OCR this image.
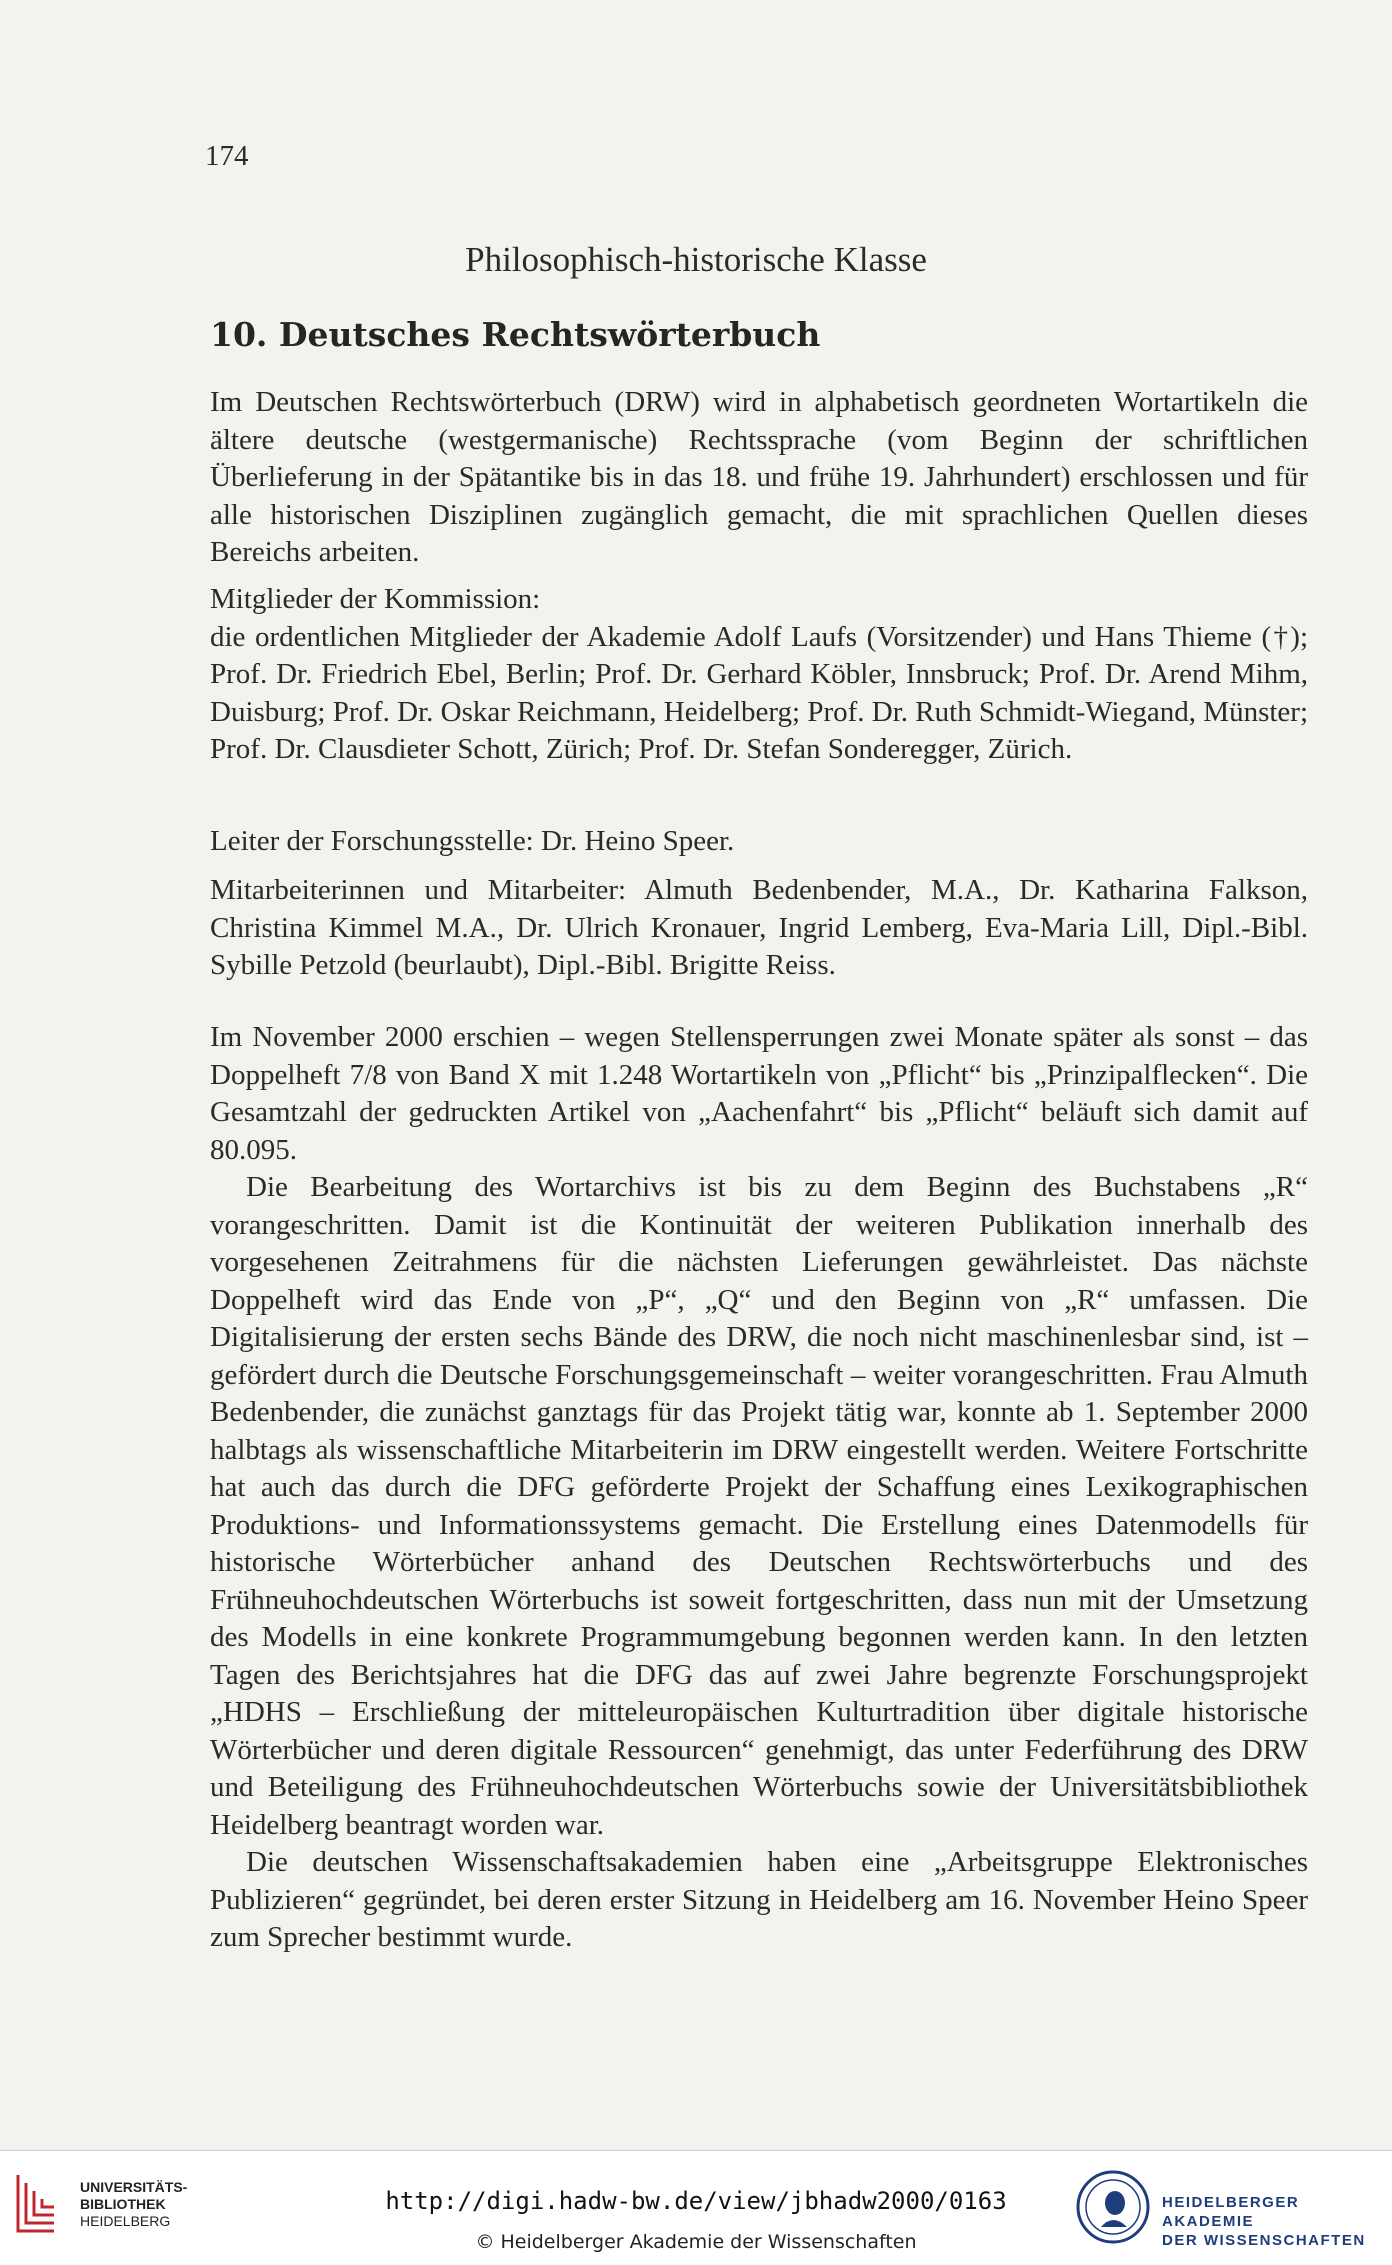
174
Philosophisch-historische Klasse
10. Deutsches Rechtswörterbuch

Im Deutschen Rechtswörterbuch (DRW) wird in alphabetisch geordneten Wortartikeln die ältere deutsche (westgermanische) Rechtssprache (vom Beginn der schriftlichen Überlieferung in der Spätantike bis in das 18. und frühe 19. Jahrhundert) erschlossen und für alle historischen Disziplinen zugänglich gemacht, die mit sprachlichen Quellen dieses Bereichs arbeiten.

Mitglieder der Kommission:

die ordentlichen Mitglieder der Akademie Adolf Laufs (Vorsitzender) und Hans Thieme (†); Prof. Dr. Friedrich Ebel, Berlin; Prof. Dr. Gerhard Köbler, Innsbruck; Prof. Dr. Arend Mihm, Duisburg; Prof. Dr. Oskar Reichmann, Heidelberg; Prof. Dr. Ruth Schmidt-Wiegand, Münster; Prof. Dr. Clausdieter Schott, Zürich; Prof. Dr. Stefan Sonderegger, Zürich.

Leiter der Forschungsstelle: Dr. Heino Speer.

Mitarbeiterinnen und Mitarbeiter: Almuth Bedenbender, M.A., Dr. Katharina Falkson, Christina Kimmel M.A., Dr. Ulrich Kronauer, Ingrid Lemberg, Eva-Maria Lill, Dipl.-Bibl. Sybille Petzold (beurlaubt), Dipl.-Bibl. Brigitte Reiss.

Im November 2000 erschien – wegen Stellensperrungen zwei Monate später als sonst – das Doppelheft 7/8 von Band X mit 1.248 Wortartikeln von „Pflicht“ bis „Prinzipalflecken“. Die Gesamtzahl der gedruckten Artikel von „Aachenfahrt“ bis „Pflicht“ beläuft sich damit auf 80.095.

Die Bearbeitung des Wortarchivs ist bis zu dem Beginn des Buchstabens „R“ vorangeschritten. Damit ist die Kontinuität der weiteren Publikation innerhalb des vorgesehenen Zeitrahmens für die nächsten Lieferungen gewährleistet. Das nächste Doppelheft wird das Ende von „P“, „Q“ und den Beginn von „R“ umfassen. Die Digitalisierung der ersten sechs Bände des DRW, die noch nicht maschinenlesbar sind, ist – gefördert durch die Deutsche Forschungsgemeinschaft – weiter vorangeschritten. Frau Almuth Bedenbender, die zunächst ganztags für das Projekt tätig war, konnte ab 1. September 2000 halbtags als wissenschaftliche Mitarbeiterin im DRW eingestellt werden. Weitere Fortschritte hat auch das durch die DFG geförderte Projekt der Schaffung eines Lexikographischen Produktions- und Informationssystems gemacht. Die Erstellung eines Datenmodells für historische Wörterbücher anhand des Deutschen Rechtswörterbuchs und des Frühneuhochdeutschen Wörterbuchs ist soweit fortgeschritten, dass nun mit der Umsetzung des Modells in eine konkrete Programmumgebung begonnen werden kann. In den letzten Tagen des Berichtsjahres hat die DFG das auf zwei Jahre begrenzte Forschungsprojekt „HDHS – Erschließung der mitteleuropäischen Kulturtradition über digitale historische Wörterbücher und deren digitale Ressourcen“ genehmigt, das unter Federführung des DRW und Beteiligung des Frühneuhochdeutschen Wörterbuchs sowie der Universitätsbibliothek Heidelberg beantragt worden war.

Die deutschen Wissenschaftsakademien haben eine „Arbeitsgruppe Elektronisches Publizieren“ gegründet, bei deren erster Sitzung in Heidelberg am 16. November Heino Speer zum Sprecher bestimmt wurde.

UNIVERSITÄTS-
BIBLIOTHEK
HEIDELBERG
http://digi.hadw-bw.de/view/jbhadw2000/0163
© Heidelberger Akademie der Wissenschaften
HEIDELBERGER AKADEMIE
DER WISSENSCHAFTEN
